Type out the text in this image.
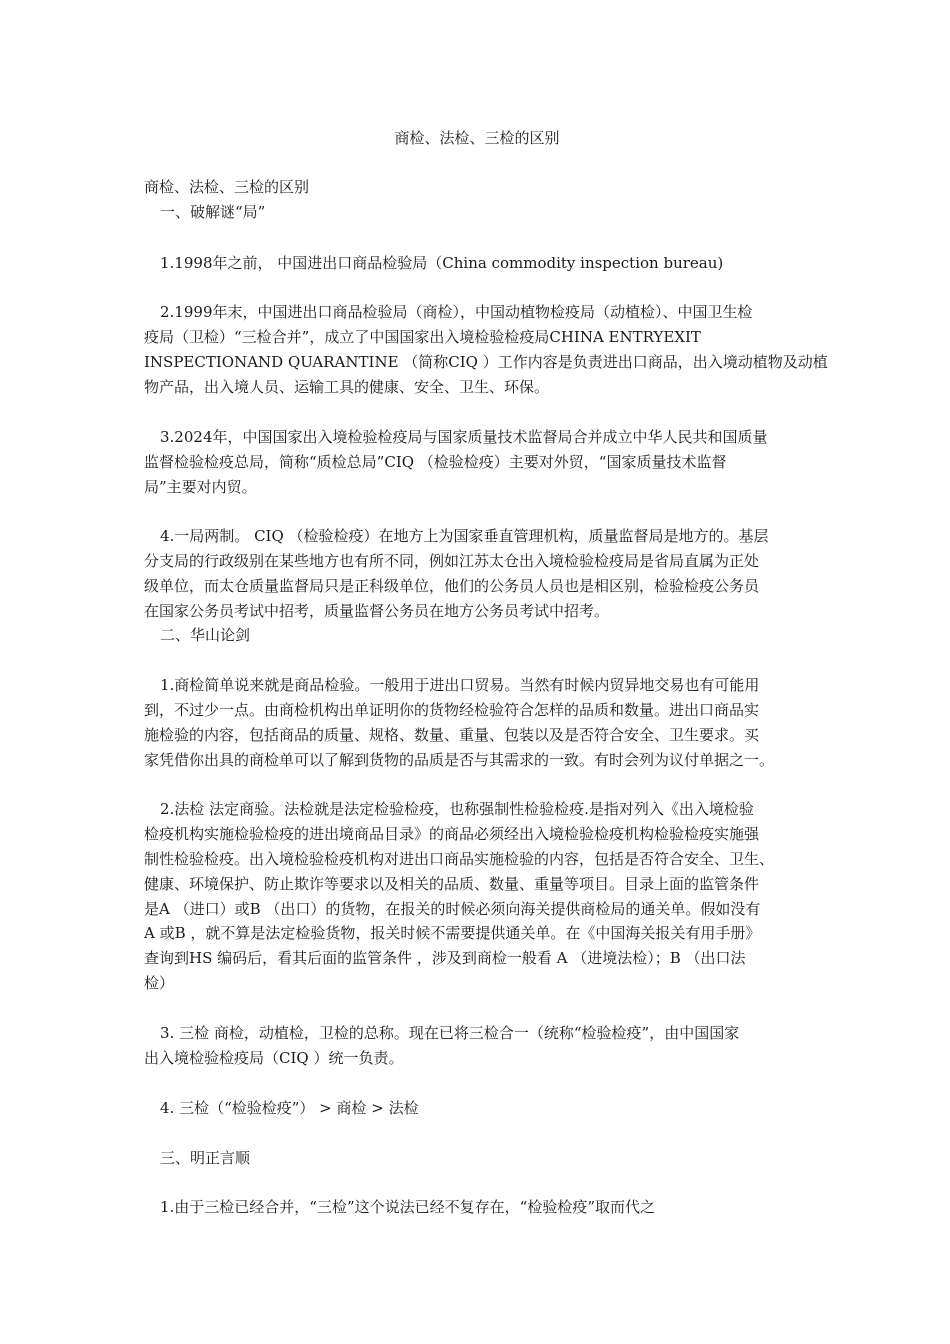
商检、法检、三检的区别
商检、法检、三检的区别
一、破解谜“局”
1.1998年之前， 中国进出口商品检验局（China commodity inspection bureau)
2.1999年末，中国进出口商品检验局（商检），中国动植物检疫局（动植检）、中国卫生检
疫局（卫检）“三检合并”，成立了中国国家出入境检验检疫局CHINA ENTRYEXIT
INSPECTIONAND QUARANTINE （简称CIQ ）工作内容是负责进出口商品，出入境动植物及动植
物产品，出入境人员、运输工具的健康、安全、卫生、环保。
3.2024年，中国国家出入境检验检疫局与国家质量技术监督局合并成立中华人民共和国质量
监督检验检疫总局，简称“质检总局”CIQ （检验检疫）主要对外贸，“国家质量技术监督
局”主要对内贸。
4.一局两制。 CIQ （检验检疫）在地方上为国家垂直管理机构，质量监督局是地方的。基层
分支局的行政级别在某些地方也有所不同，例如江苏太仓出入境检验检疫局是省局直属为正处
级单位，而太仓质量监督局只是正科级单位，他们的公务员人员也是相区别，检验检疫公务员
在国家公务员考试中招考，质量监督公务员在地方公务员考试中招考。
二、华山论剑
1.商检简单说来就是商品检验。一般用于进出口贸易。当然有时候内贸异地交易也有可能用
到，不过少一点。由商检机构出单证明你的货物经检验符合怎样的品质和数量。进出口商品实
施检验的内容，包括商品的质量、规格、数量、重量、包装以及是否符合安全、卫生要求。买
家凭借你出具的商检单可以了解到货物的品质是否与其需求的一致。有时会列为议付单据之一。
2.法检 法定商验。法检就是法定检验检疫，也称强制性检验检疫.是指对列入《出入境检验
检疫机构实施检验检疫的进出境商品目录》的商品必须经出入境检验检疫机构检验检疫实施强
制性检验检疫。出入境检验检疫机构对进出口商品实施检验的内容，包括是否符合安全、卫生、
健康、环境保护、防止欺诈等要求以及相关的品质、数量、重量等项目。目录上面的监管条件
是A （进口）或B （出口）的货物，在报关的时候必须向海关提供商检局的通关单。假如没有
A 或B ，就不算是法定检验货物，报关时候不需要提供通关单。在《中国海关报关有用手册》
查询到HS 编码后，看其后面的监管条件 ，涉及到商检一般看 A （进境法检）；B （出口法
检）
3. 三检 商检，动植检，卫检的总称。现在已将三检合一（统称“检验检疫”，由中国国家
出入境检验检疫局（CIQ ）统一负责。
4. 三检（“检验检疫”） > 商检 > 法检
三、明正言顺
1.由于三检已经合并，“三检”这个说法已经不复存在，“检验检疫”取而代之
